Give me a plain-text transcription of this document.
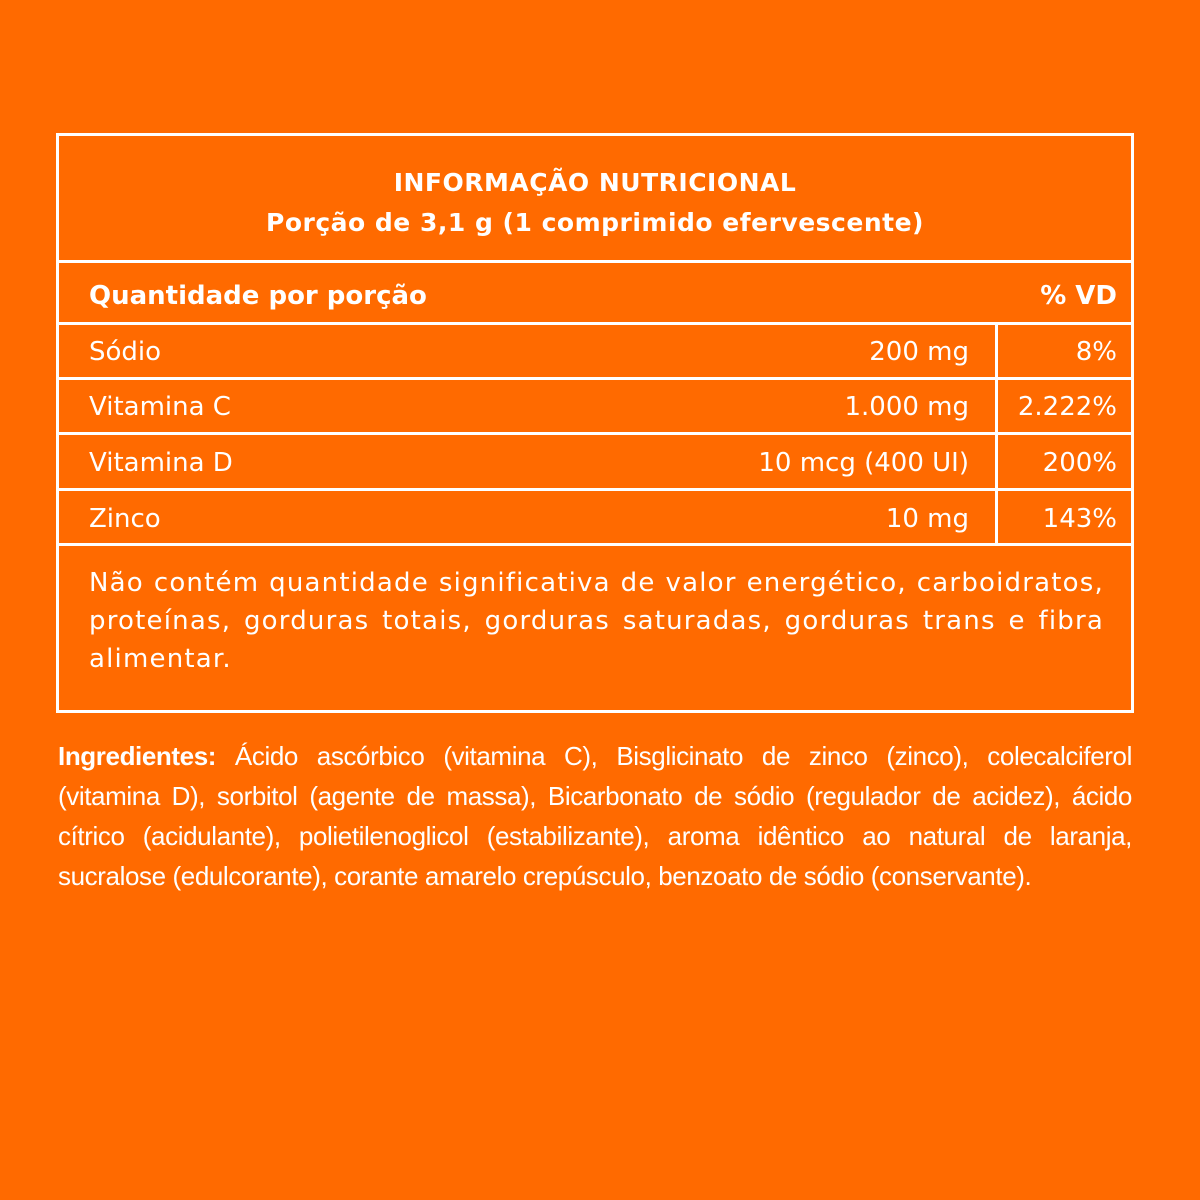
INFORMAÇÃO NUTRICIONAL
Porção de 3,1 g (1 comprimido efervescente)
Quantidade por porção	% VD
Sódio	200 mg	8%
Vitamina C	1.000 mg 2.222%
Vitamina D	10 mcg (400 UI)	200%
Zinco	10 mg	143%
Não contém quantidade significativa de valor energético, carboidratos, proteínas, gorduras totais, gorduras saturadas, gorduras trans e fibra alimentar.
Ingredientes: Ácido ascórbico (vitamina C), Bisglicinato de zinco (zinco), colecalciferol (vitamina D), sorbitol (agente de massa), Bicarbonato de sódio (regulador de acidez), ácido cítrico (acidulante), polietilenoglicol (estabilizante), aroma idêntico ao natural de laranja, sucralose (edulcorante), corante amarelo crepúsculo, benzoato de sódio (conservante).
